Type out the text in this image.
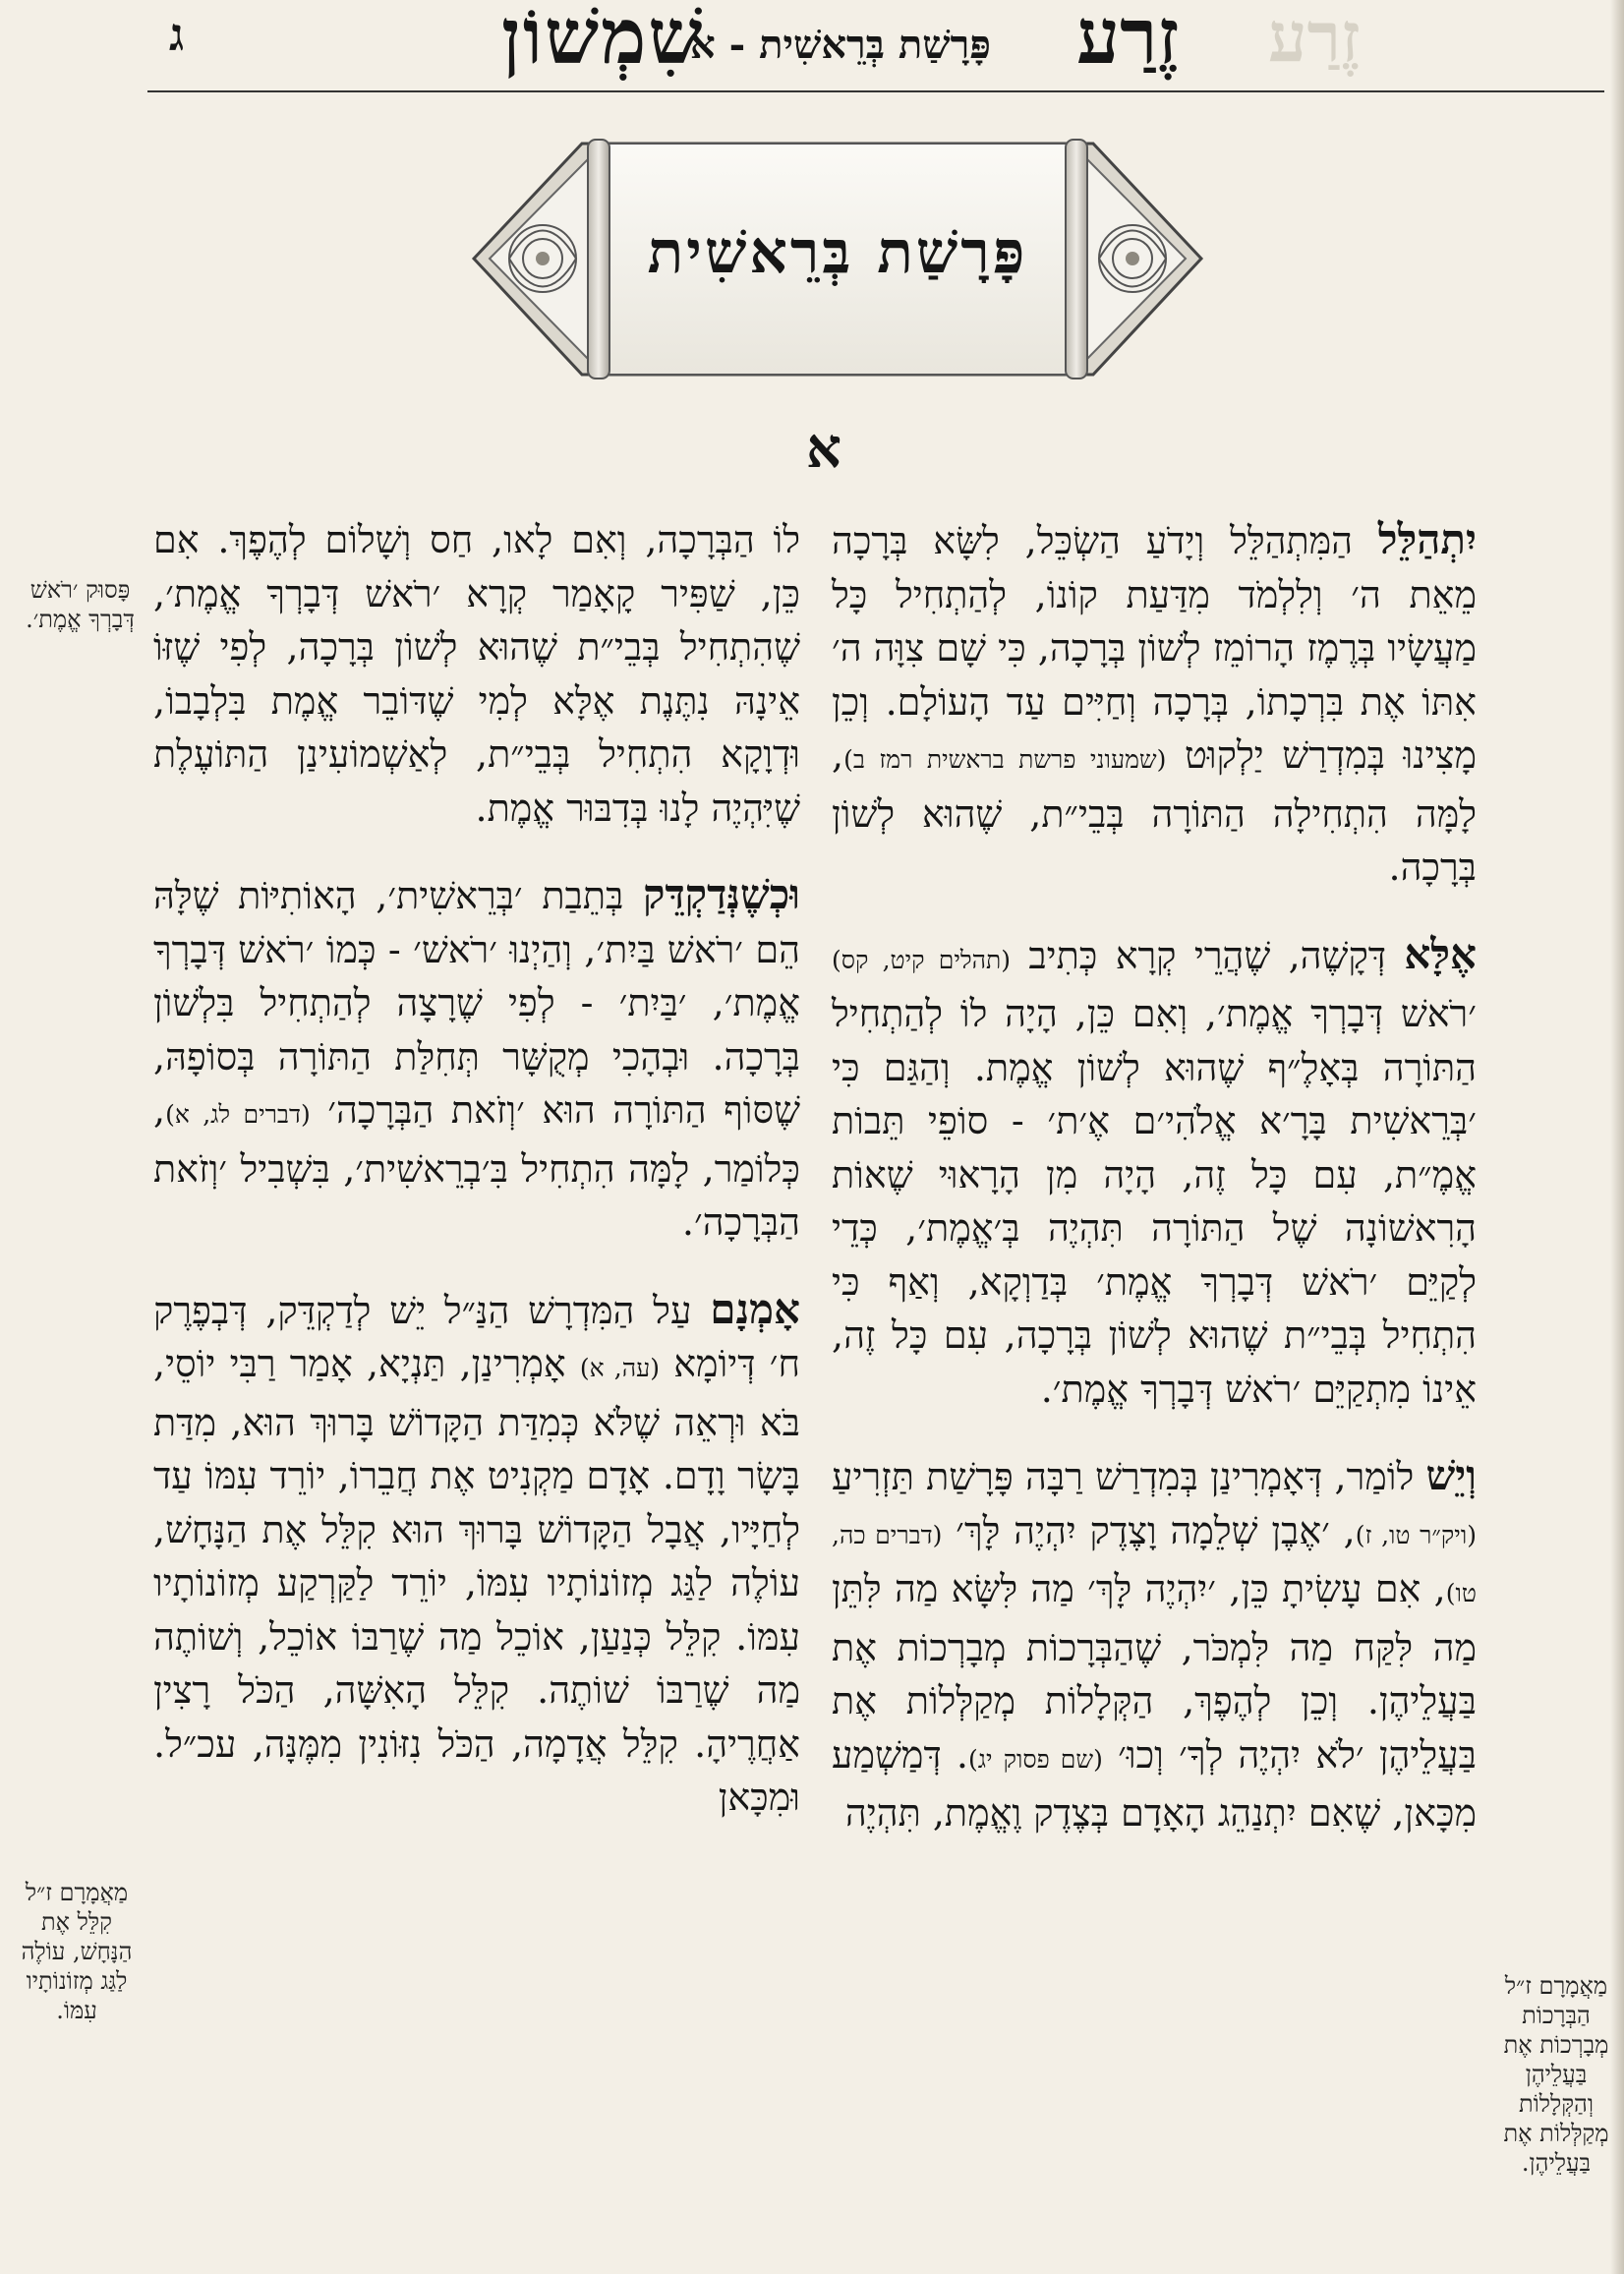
זֶרַע
ג	שִׁמְשׁוֹן
פָּרָשַׁת בְּרֵאשִׁית - א זֶרַע
פָּרָשַׁת בְּרֵאשִׁית
א

יִתְהַלֵּל הַמִּתְהַלֵּל וְיָדֹעַ הַשְׂכֵּל, לִשָּׂא בְּרָכָה מֵאֵת ה׳ וְלִלְמֹד מִדַּעַת קוֹנוֹ, לְהַתְחִיל כָּל מַעֲשָׂיו בְּרֶמֶז הָרוֹמֵז לְשׁוֹן בְּרָכָה, כִּי שָׁם צִוָּה ה׳ אִתּוֹ אֶת בִּרְכָתוֹ, בְּרָכָה וְחַיִּים עַד הָעוֹלָם. וְכֵן מָצִינוּ בְּמִדְרַשׁ יַלְקוּט (שמעוני פרשת בראשית רמז ב), לָמָּה הִתְחִילָה הַתּוֹרָה בְּבֵי״ת, שֶׁהוּא לְשׁוֹן בְּרָכָה.

אֶלָּא דְּקָשֶׁה, שֶׁהֲרֵי קְרָא כְּתִיב (תהלים קיט, קס) ׳רֹאשׁ דְּבָרְךָ אֱמֶת׳, וְאִם כֵּן, הָיָה לוֹ לְהַתְחִיל הַתּוֹרָה בְּאָלֶ״ף שֶׁהוּא לְשׁוֹן אֱמֶת. וְהַגַּם כִּי ׳בְּרֵאשִׁית בָּרָ׳א אֱלֹהִי׳ם אֶ׳ת׳ - סוֹפֵי תֵּבוֹת אֱמֶ״ת, עִם כָּל זֶה, הָיָה מִן הָרָאוּי שֶׁאוֹת הָרִאשׁוֹנָה שֶׁל הַתּוֹרָה תִּהְיֶה בְּ׳אֱמֶת׳, כְּדֵי לְקַיֵּם ׳רֹאשׁ דְּבָרְךָ אֱמֶת׳ בְּדַוְקָא, וְאַף כִּי הִתְחִיל בְּבֵי״ת שֶׁהוּא לְשׁוֹן בְּרָכָה, עִם כָּל זֶה, אֵינוֹ מִתְקַיֵּם ׳רֹאשׁ דְּבָרְךָ אֱמֶת׳.

וְיֵשׁ לוֹמַר, דְּאָמְרִינַן בְּמִדְרַשׁ רַבָּה פָּרָשַׁת תַּזְרִיעַ (ויק״ר טו, ז), ׳אֶבֶן שְׁלֵמָה וָצֶדֶק יִהְיֶה לָּךְ׳ (דברים כה, טו), אִם עָשִׂיתָ כֵּן, ׳יִהְיֶה לָּךְ׳ מַה לִּשָּׂא מַה לִּתֵּן מַה לִּקַּח מַה לִּמְכֹּר, שֶׁהַבְּרָכוֹת מְבָרְכוֹת אֶת בַּעֲלֵיהֶן. וְכֵן לְהֶפֶךְ, הַקְּלָלוֹת מְקַלְּלוֹת אֶת בַּעֲלֵיהֶן ׳לֹא יִהְיֶה לְךָ׳ וְכוּ׳ (שם פסוק יג). דְּמַשְׁמַע מִכָּאן, שֶׁאִם יִתְנַהֵג הָאָדָם בְּצֶדֶק וֶאֱמֶת, תִּהְיֶה

לוֹ הַבְּרָכָה, וְאִם לָאו, חַס וְשָׁלוֹם לְהֶפֶךְ. אִם כֵּן, שַׁפִּיר קָאָמַר קְרָא ׳רֹאשׁ דְּבָרְךָ אֱמֶת׳, שֶׁהִתְחִיל בְּבֵי״ת שֶׁהוּא לְשׁוֹן בְּרָכָה, לְפִי שֶׁזּוֹ אֵינָהּ נִתֶּנֶת אֶלָּא לְמִי שֶׁדּוֹבֵר אֱמֶת בִּלְבָבוֹ, וּדְוָקָא הִתְחִיל בְּבֵי״ת, לְאַשְׁמוֹעִינַן הַתּוֹעֶלֶת שֶׁיִּהְיֶה לָנוּ בְּדִבּוּר אֱמֶת.

וּכְשֶׁנְּדַקְדֵּק בְּתֵבַת ׳בְּרֵאשִׁית׳, הָאוֹתִיּוֹת שֶׁלָּהּ הֵם ׳רֹאשׁ בַּיִת׳, וְהַיְנוּ ׳רֹאשׁ׳ - כְּמוֹ ׳רֹאשׁ דְּבָרְךָ אֱמֶת׳, ׳בַּיִת׳ - לְפִי שֶׁרָצָה לְהַתְחִיל בִּלְשׁוֹן בְּרָכָה. וּבְהָכִי מְקֻשָּׁר תְּחִלַּת הַתּוֹרָה בְּסוֹפָהּ, שֶׁסּוֹף הַתּוֹרָה הוּא ׳וְזֹאת הַבְּרָכָה׳ (דברים לג, א), כְּלוֹמַר, לָמָּה הִתְחִיל בִּ׳בְרֵאשִׁית׳, בִּשְׁבִיל ׳וְזֹאת הַבְּרָכָה׳.

אָמְנָם עַל הַמִּדְרָשׁ הַנַּ״ל יֵשׁ לְדַקְדֵּק, דְּבְפֶרֶק ח׳ דְּיוֹמָא (עה, א) אָמְרִינַן, תַּנְיָא, אָמַר רַבִּי יוֹסֵי, בֹּא וּרְאֵה שֶׁלֹּא כְּמִדַּת הַקָּדוֹשׁ בָּרוּךְ הוּא, מִדַּת בָּשָׂר וָדָם. אָדָם מַקְנִיט אֶת חֲבֵרוֹ, יוֹרֵד עִמּוֹ עַד לְחַיָּיו, אֲבָל הַקָּדוֹשׁ בָּרוּךְ הוּא קִלֵּל אֶת הַנָּחָשׁ, עוֹלֶה לַגַּג מְזוֹנוֹתָיו עִמּוֹ, יוֹרֵד לַקַּרְקַע מְזוֹנוֹתָיו עִמּוֹ. קִלֵּל כְּנַעַן, אוֹכֵל מַה שֶׁרַבּוֹ אוֹכֵל, וְשׁוֹתֶה מַה שֶׁרַבּוֹ שׁוֹתֶה. קִלֵּל הָאִשָּׁה, הַכֹּל רָצִין אַחֲרֶיהָ. קִלֵּל אֲדָמָה, הַכֹּל נִזּוֹנִין מִמֶּנָּה, עכ״ל. וּמִכָּאן

פָּסוּק ׳רֹאשׁ דְּבָרְךָ אֱמֶת׳.
מַאֲמָרָם ז״ל קִלֵּל אֶת הַנָּחָשׁ, עוֹלֶה לַגַּג מְזוֹנוֹתָיו עִמּוֹ.
מַאֲמָרָם ז״ל הַבְּרָכוֹת מְבָרְכוֹת אֶת בַּעֲלֵיהֶן וְהַקְּלָלוֹת מְקַלְּלוֹת אֶת בַּעֲלֵיהֶן.
